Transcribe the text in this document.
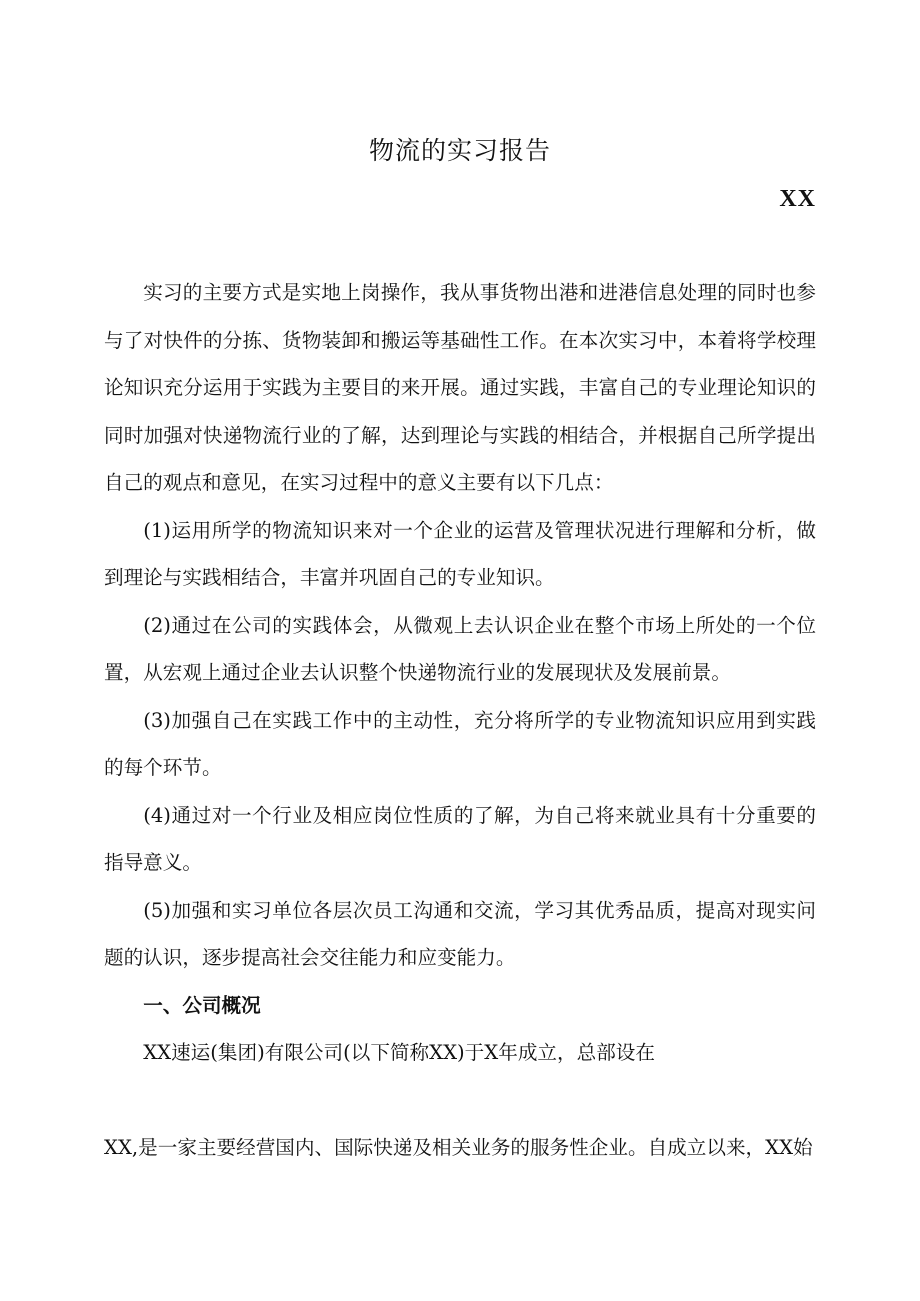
物流的实习报告
XX

实习的主要方式是实地上岗操作，我从事货物出港和进港信息处理的同时也参与了对快件的分拣、货物装卸和搬运等基础性工作。在本次实习中，本着将学校理论知识充分运用于实践为主要目的来开展。通过实践，丰富自己的专业理论知识的同时加强对快递物流行业的了解，达到理论与实践的相结合，并根据自己所学提出自己的观点和意见，在实习过程中的意义主要有以下几点：

(1)运用所学的物流知识来对一个企业的运营及管理状况进行理解和分析，做到理论与实践相结合，丰富并巩固自己的专业知识。

(2)通过在公司的实践体会，从微观上去认识企业在整个市场上所处的一个位置，从宏观上通过企业去认识整个快递物流行业的发展现状及发展前景。

(3)加强自己在实践工作中的主动性，充分将所学的专业物流知识应用到实践的每个环节。

(4)通过对一个行业及相应岗位性质的了解，为自己将来就业具有十分重要的指导意义。

(5)加强和实习单位各层次员工沟通和交流，学习其优秀品质，提高对现实问题的认识，逐步提高社会交往能力和应变能力。

一、公司概况

XX速运(集团)有限公司(以下简称XX)于X年成立，总部设在

XX,是一家主要经营国内、国际快递及相关业务的服务性企业。自成立以来，XX始
